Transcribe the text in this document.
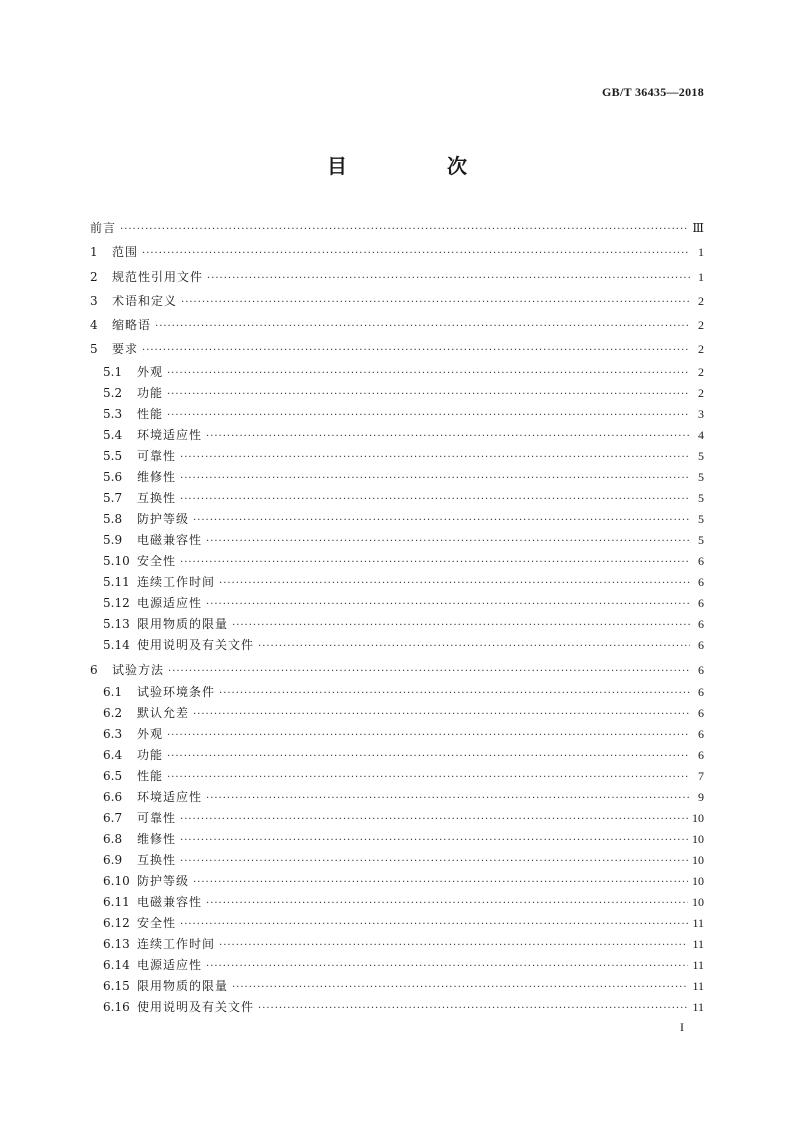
GB/T 36435—2018
目　次
前言 ·····	Ⅲ
1	范围 ·····	1
2	规范性引用文件 ·····	1
3	术语和定义 ·····	2
4	缩略语 ·····	2
5	要求 ·····	2
5.1	外观 ·····	2
5.2	功能 ·····	2
5.3	性能 ·····	3
5.4	环境适应性 ·····	4
5.5	可靠性 ·····	5
5.6	维修性 ·····	5
5.7	互换性 ·····	5
5.8	防护等级 ·····	5
5.9	电磁兼容性 ·····	5
5.10 安全性 ·····	6
5.11 连续工作时间 ·····	6
5.12 电源适应性 ·····	6
5.13 限用物质的限量 ·····	6
5.14 使用说明及有关文件 ·····	6
6	试验方法 ·····	6
6.1	试验环境条件 ·····	6
6.2	默认允差 ·····	6
6.3	外观 ·····	6
6.4	功能 ·····	6
6.5	性能 ·····	7
6.6	环境适应性 ·····	9
6.7	可靠性 ·····	10
6.8	维修性 ·····	10
6.9	互换性 ·····	10
6.10 防护等级 ·····	10
6.11 电磁兼容性 ·····	10
6.12 安全性 ·····	11
6.13 连续工作时间 ·····	11
6.14 电源适应性 ·····	11
6.15 限用物质的限量 ·····	11
6.16 使用说明及有关文件 ·····	11
I
